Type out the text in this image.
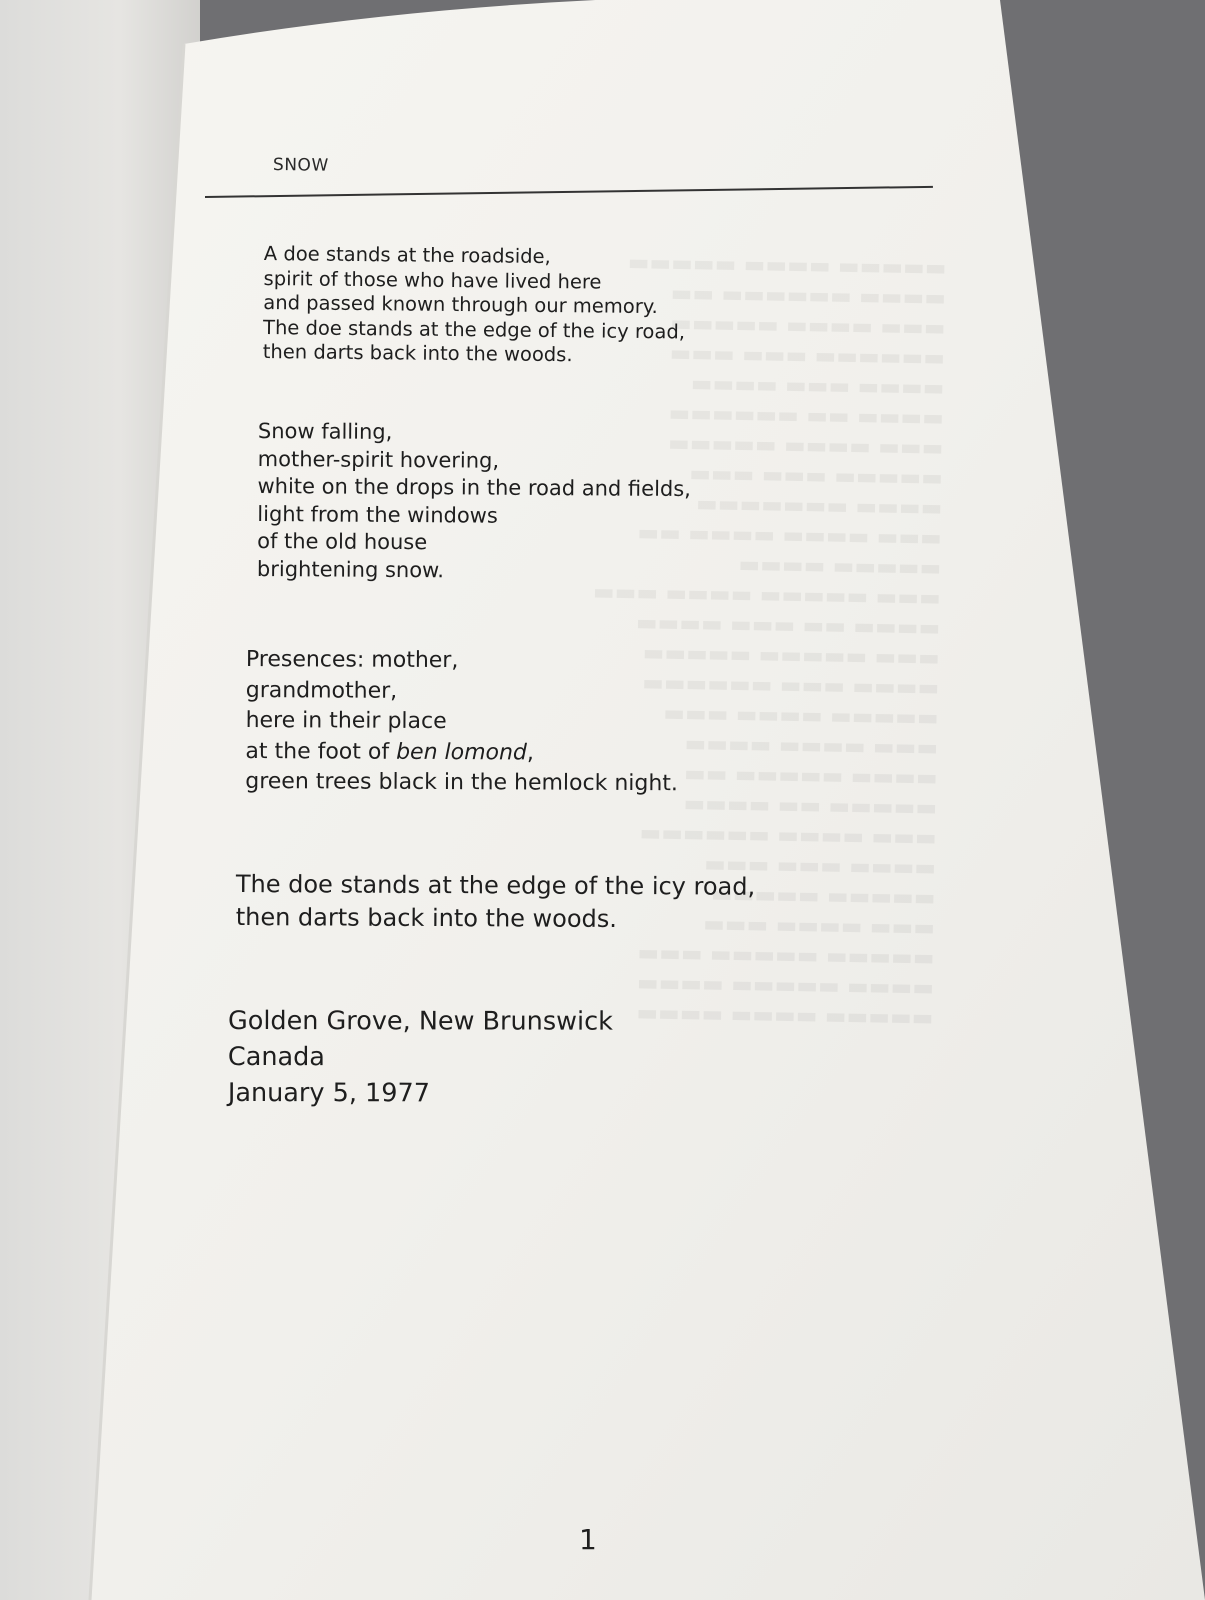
SNOW
A doe stands at the roadside,
spirit of those who have lived here
and passed known through our memory.
The doe stands at the edge of the icy road,
then darts back into the woods.
Snow falling,
mother-spirit hovering,
white on the drops in the road and fields,
light from the windows
of the old house
brightening snow.
Presences: mother,
grandmother,
here in their place
at the foot of ben lomond,
green trees black in the hemlock night.
The doe stands at the edge of the icy road,
then darts back into the woods.
Golden Grove, New Brunswick
Canada
January 5, 1977
1
